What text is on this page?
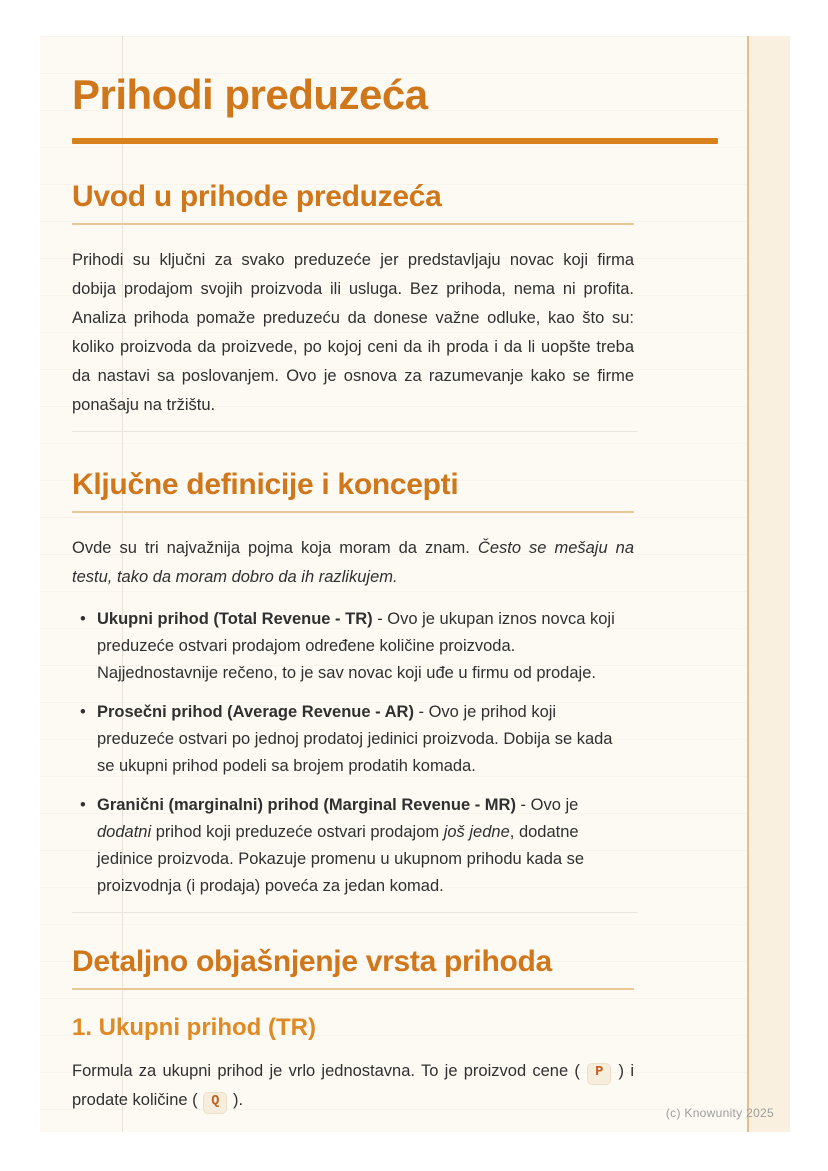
Prihodi preduzeća
Uvod u prihode preduzeća

Prihodi su ključni za svako preduzeće jer predstavljaju novac koji firma dobija prodajom svojih proizvoda ili usluga. Bez prihoda, nema ni profita. Analiza prihoda pomaže preduzeću da donese važne odluke, kao što su: koliko proizvoda da proizvede, po kojoj ceni da ih proda i da li uopšte treba da nastavi sa poslovanjem. Ovo je osnova za razumevanje kako se firme ponašaju na tržištu.

Ključne definicije i koncepti

Ovde su tri najvažnija pojma koja moram da znam. Često se mešaju na testu, tako da moram dobro da ih razlikujem.

• Ukupni prihod (Total Revenue - TR) - Ovo je ukupan iznos novca koji preduzeće ostvari prodajom određene količine proizvoda. Najjednostavnije rečeno, to je sav novac koji uđe u firmu od prodaje.
• Prosečni prihod (Average Revenue - AR) - Ovo je prihod koji preduzeće ostvari po jednoj prodatoj jedinici proizvoda. Dobija se kada se ukupni prihod podeli sa brojem prodatih komada.
• Granični (marginalni) prihod (Marginal Revenue - MR) - Ovo je dodatni prihod koji preduzeće ostvari prodajom još jedne, dodatne jedinice proizvoda. Pokazuje promenu u ukupnom prihodu kada se proizvodnja (i prodaja) poveća za jedan komad.
Detaljno objašnjenje vrsta prihoda
1. Ukupni prihod (TR)

Formula za ukupni prihod je vrlo jednostavna. To je proizvod cene ( P ) i prodate količine ( Q ).

(c) Knowunity 2025
